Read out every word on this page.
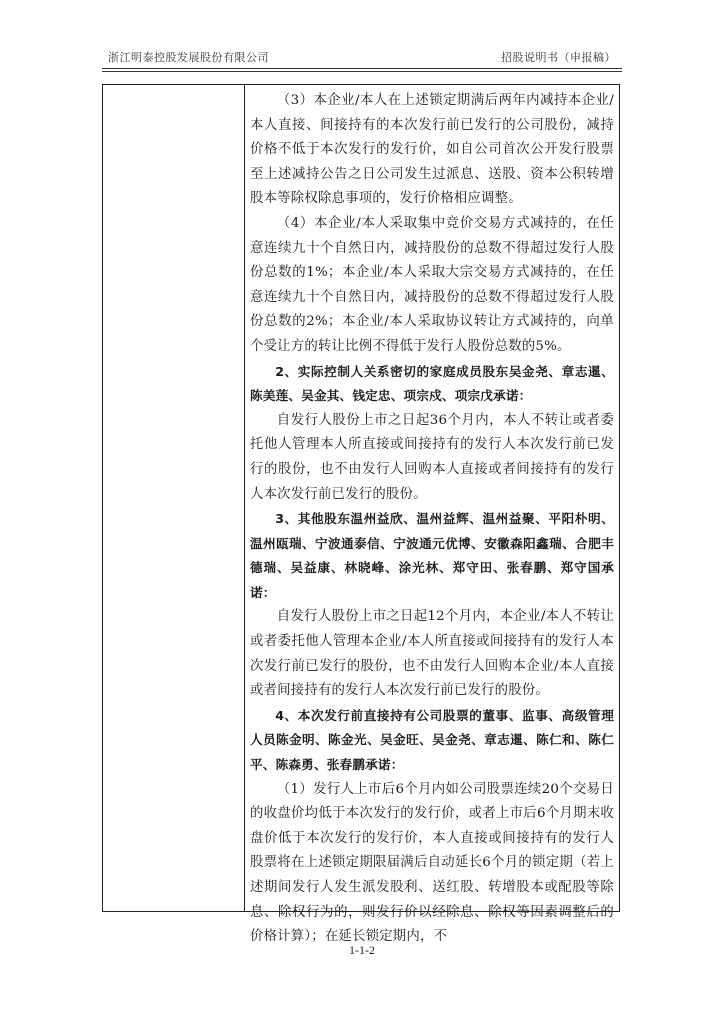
浙江明泰控股发展股份有限公司	招股说明书（申报稿）

（3）本企业/本人在上述锁定期满后两年内减持本企业/本人直接、间接持有的本次发行前已发行的公司股份，减持价格不低于本次发行的发行价，如自公司首次公开发行股票至上述减持公告之日公司发生过派息、送股、资本公积转增股本等除权除息事项的，发行价格相应调整。

（4）本企业/本人采取集中竞价交易方式减持的，在任意连续九十个自然日内，减持股份的总数不得超过发行人股份总数的1%；本企业/本人采取大宗交易方式减持的，在任意连续九十个自然日内，减持股份的总数不得超过发行人股份总数的2%；本企业/本人采取协议转让方式减持的，向单个受让方的转让比例不得低于发行人股份总数的5%。

2、实际控制人关系密切的家庭成员股东吴金尧、章志暹、陈美莲、吴金其、钱定忠、项宗戍、项宗戊承诺：

自发行人股份上市之日起36个月内，本人不转让或者委托他人管理本人所直接或间接持有的发行人本次发行前已发行的股份，也不由发行人回购本人直接或者间接持有的发行人本次发行前已发行的股份。

3、其他股东温州益欣、温州益辉、温州益聚、平阳朴明、温州瓯瑞、宁波通泰信、宁波通元优博、安徽森阳鑫瑞、合肥丰德瑞、吴益康、林晓峰、涂光林、郑守田、张春鹏、郑守国承诺：

自发行人股份上市之日起12个月内，本企业/本人不转让或者委托他人管理本企业/本人所直接或间接持有的发行人本次发行前已发行的股份，也不由发行人回购本企业/本人直接或者间接持有的发行人本次发行前已发行的股份。

4、本次发行前直接持有公司股票的董事、监事、高级管理人员陈金明、陈金光、吴金旺、吴金尧、章志暹、陈仁和、陈仁平、陈森勇、张春鹏承诺：

（1）发行人上市后6个月内如公司股票连续20个交易日的收盘价均低于本次发行的发行价，或者上市后6个月期末收盘价低于本次发行的发行价，本人直接或间接持有的发行人股票将在上述锁定期限届满后自动延长6个月的锁定期（若上述期间发行人发生派发股利、送红股、转增股本或配股等除息、除权行为的，则发行价以经除息、除权等因素调整后的价格计算）；在延长锁定期内，不

1-1-2
